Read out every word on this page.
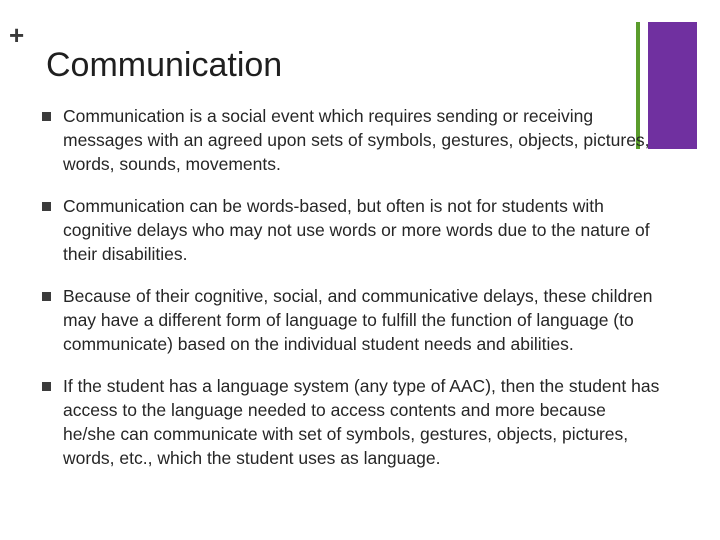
+
Communication
Communication is a social event which requires sending or receiving messages with an agreed upon sets of symbols, gestures, objects, pictures, words, sounds, movements.
Communication can be words-based, but often is not for students with cognitive delays who may not use words or more words due to the nature of their disabilities.
Because of their cognitive, social, and communicative delays, these children may have a different form of language to fulfill the function of language (to communicate) based on the individual student needs and abilities.
If the student has a language system (any type of AAC), then the student has access to the language needed to access contents and more because he/she can communicate with set of symbols, gestures, objects, pictures, words, etc., which the student uses as language.
